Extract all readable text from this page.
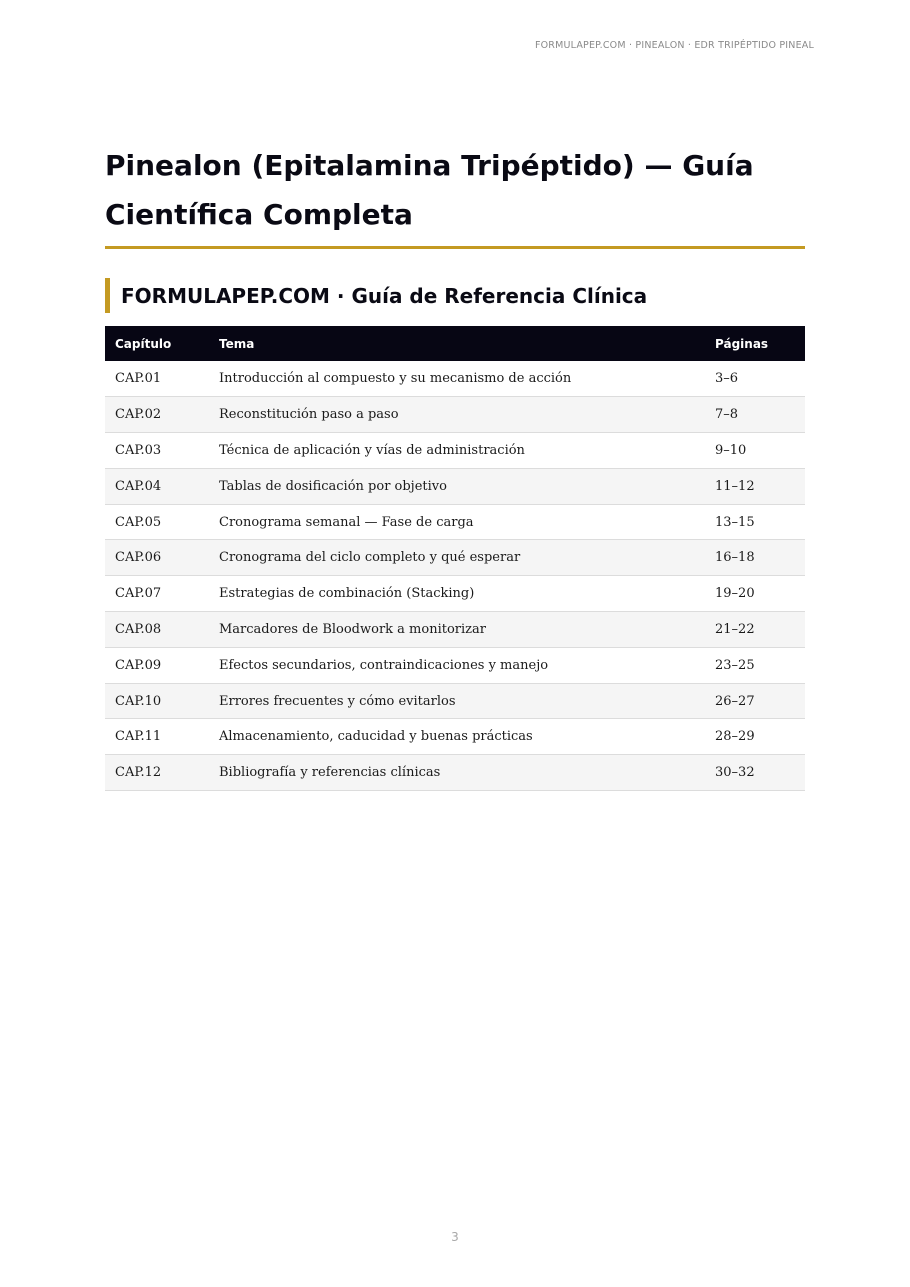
FORMULAPEP.COM · PINEALON · EDR TRIPÉPTIDO PINEAL
Pinealon (Epitalamina Tripéptido) — Guía Científica Completa
FORMULAPEP.COM · Guía de Referencia Clínica
Capítulo	Tema	Páginas
CAP.01	Introducción al compuesto y su mecanismo de acción	3–6
CAP.02	Reconstitución paso a paso	7–8
CAP.03	Técnica de aplicación y vías de administración	9–10
CAP.04	Tablas de dosificación por objetivo	11–12
CAP.05	Cronograma semanal — Fase de carga	13–15
CAP.06	Cronograma del ciclo completo y qué esperar	16–18
CAP.07	Estrategias de combinación (Stacking)	19–20
CAP.08	Marcadores de Bloodwork a monitorizar	21–22
CAP.09	Efectos secundarios, contraindicaciones y manejo	23–25
CAP.10	Errores frecuentes y cómo evitarlos	26–27
CAP.11	Almacenamiento, caducidad y buenas prácticas	28–29
CAP.12	Bibliografía y referencias clínicas	30–32
3
